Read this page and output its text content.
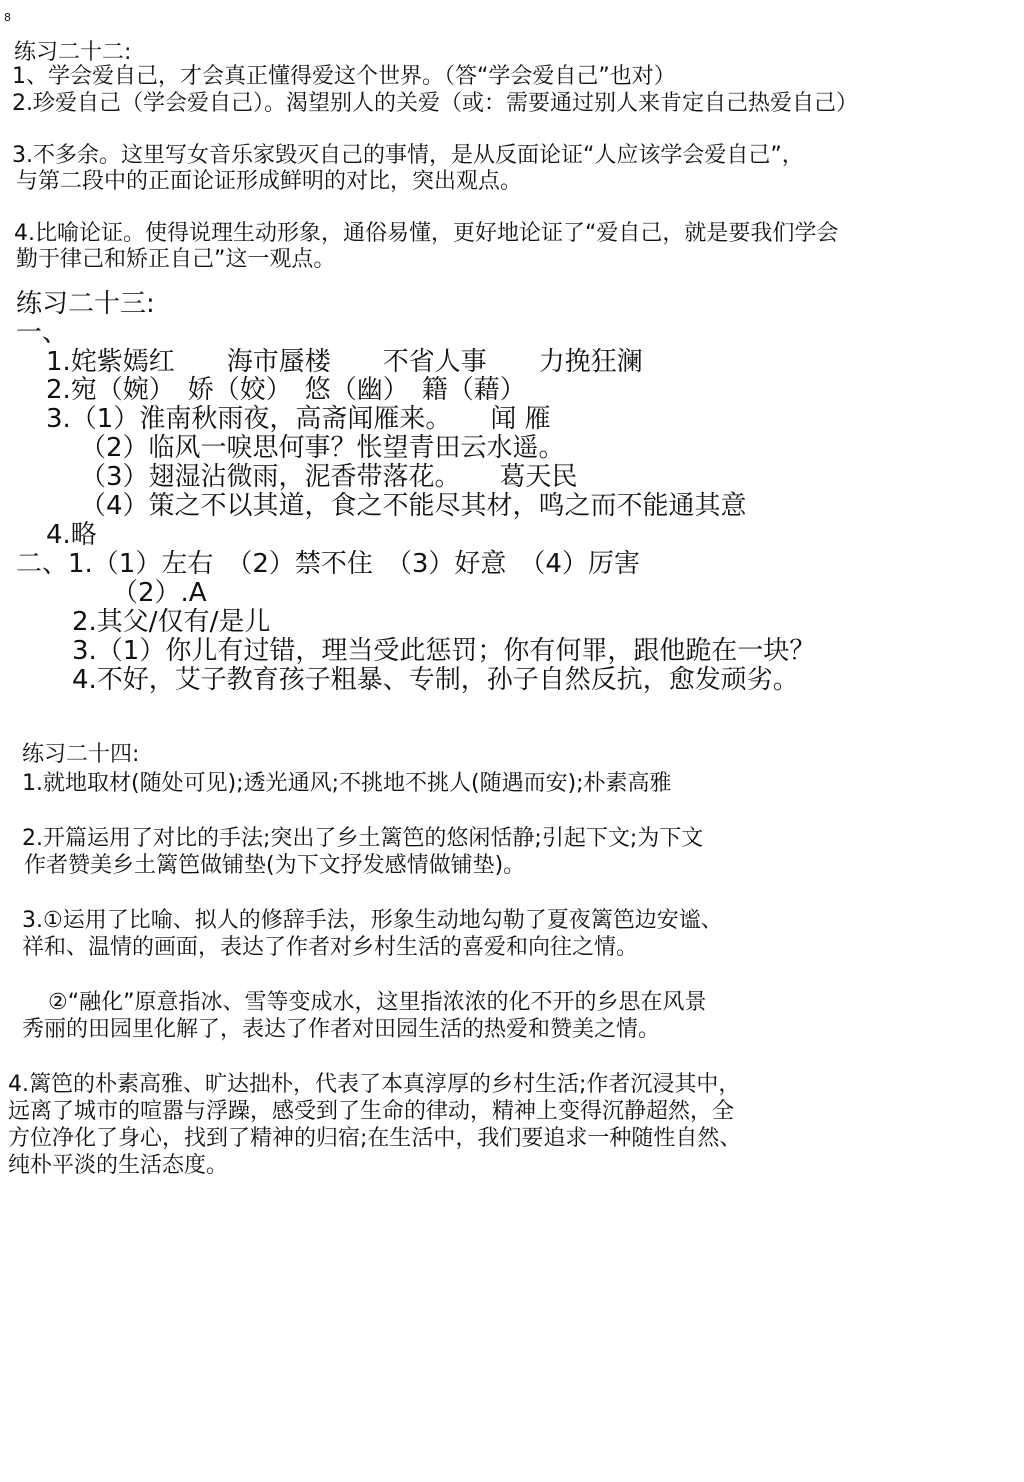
8
练习二十二:
1、学会爱自己，才会真正懂得爱这个世界。（答“学会爱自己”也对）
2.珍爱自己（学会爱自己）。渴望别人的关爱（或：需要通过别人来肯定自己热爱自己）
3.不多余。这里写女音乐家毁灭自己的事情，是从反面论证“人应该学会爱自己”，
与第二段中的正面论证形成鲜明的对比，突出观点。
4.比喻论证。使得说理生动形象，通俗易懂，更好地论证了“爱自己，就是要我们学会
勤于律己和矫正自己”这一观点。
练习二十三:
一、
1.姹紫嫣红　　海市蜃楼　　不省人事　　力挽狂澜
2.宛（婉）　娇（姣）　悠（幽）　籍（藉）
3.（1）淮南秋雨夜，高斋闻雁来。　　闻 雁
（2）临风一唳思何事？怅望青田云水遥。
（3）翅湿沾微雨，泥香带落花。　　葛天民
（4）策之不以其道，食之不能尽其材，鸣之而不能通其意
4.略
二、1.（1）左右　（2）禁不住　（3）好意　（4）厉害
（2）.A
2.其父/仅有/是儿
3.（1）你儿有过错，理当受此惩罚；你有何罪，跟他跪在一块？
4.不好，艾子教育孩子粗暴、专制，孙子自然反抗，愈发顽劣。
练习二十四:
1.就地取材(随处可见);透光通风;不挑地不挑人(随遇而安);朴素高雅
2.开篇运用了对比的手法;突出了乡土篱笆的悠闲恬静;引起下文;为下文
作者赞美乡土篱笆做铺垫(为下文抒发感情做铺垫)。
3.①运用了比喻、拟人的修辞手法，形象生动地勾勒了夏夜篱笆边安谧、
祥和、温情的画面，表达了作者对乡村生活的喜爱和向往之情。
②“融化”原意指冰、雪等变成水，这里指浓浓的化不开的乡思在风景
秀丽的田园里化解了，表达了作者对田园生活的热爱和赞美之情。
4.篱笆的朴素高雅、旷达拙朴，代表了本真淳厚的乡村生活;作者沉浸其中，
远离了城市的喧嚣与浮躁，感受到了生命的律动，精神上变得沉静超然，全
方位净化了身心，找到了精神的归宿;在生活中，我们要追求一种随性自然、
纯朴平淡的生活态度。
